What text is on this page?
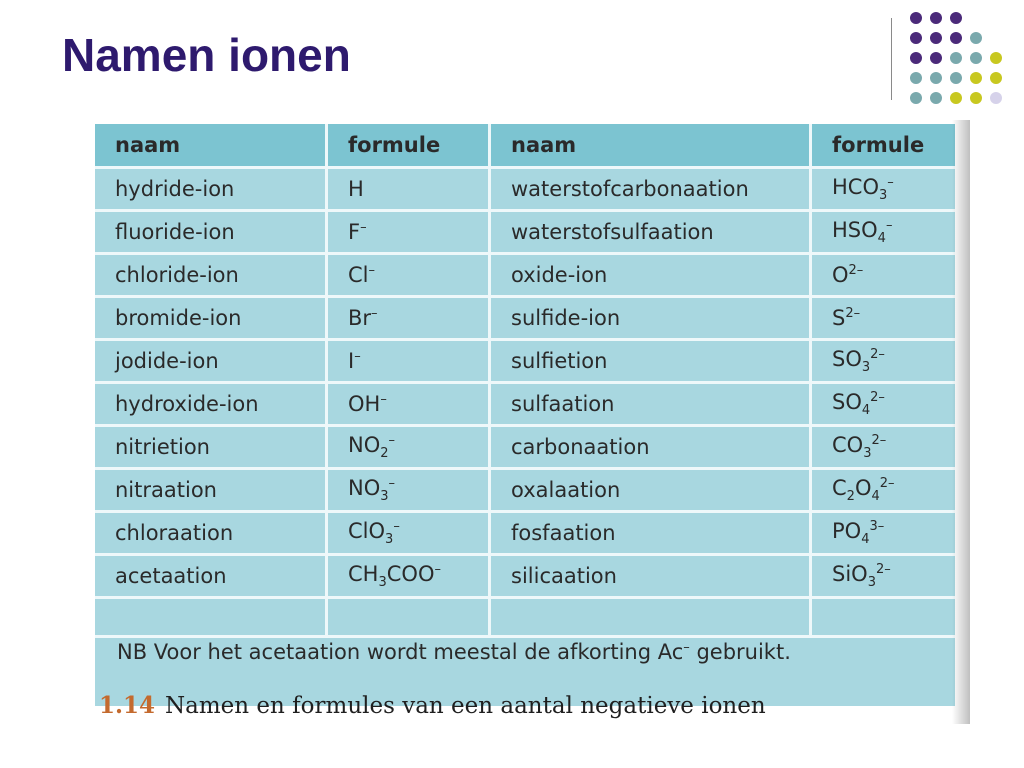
Namen ionen
naam	formule	naam	formule
hydride-ion	H	waterstofcarbonaation	$HCO_3^-$
fluoride-ion	F–	waterstofsulfaation	$HSO_4^-$
chloride-ion	Cl–	oxide-ion	$O^{2-}$
bromide-ion	Br–	sulfide-ion	$S^{2-}$
jodide-ion	I–	sulfietion	$SO_3^{2-}$
hydroxide-ion	OH–	sulfaation	$SO_4^{2-}$
nitrietion	$NO_2^-$	carbonaation	$CO_3^{2-}$
nitraation	$NO_3^-$	oxalaation	$C_2O_4^{2-}$
chloraation	ClO$_3$–	fosfaation	$PO_4^{3-}$
acetaation	$CH_3COO^-$	silicaation	SiO$_3^{2-}$

NB Voor het acetaation wordt meestal de afkorting Ac– gebruikt.
1.14 Namen en formules van een aantal negatieve ionen
